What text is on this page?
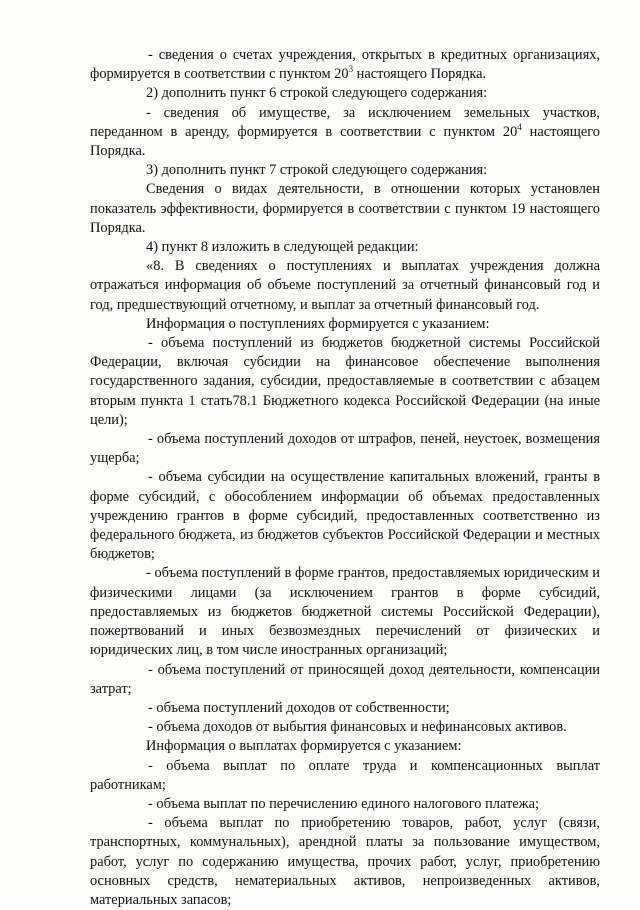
- сведения о счетах учреждения, открытых в кредитных организациях, формируется в соответствии с пунктом $20^3$ настоящего Порядка.

2) дополнить пункт 6 строкой следующего содержания:

- сведения об имуществе, за исключением земельных участков, переданном в аренду, формируется в соответствии с пунктом $20^4$ настоящего Порядка.

3) дополнить пункт 7 строкой следующего содержания:

Сведения о видах деятельности, в отношении которых установлен показатель эффективности, формируется в соответствии с пунктом 19 настоящего Порядка.

4) пункт 8 изложить в следующей редакции:

«8. В сведениях о поступлениях и выплатах учреждения должна отражаться информация об объеме поступлений за отчетный финансовый год и год, предшествующий отчетному, и выплат за отчетный финансовый год.

Информация о поступлениях формируется с указанием:

- объема поступлений из бюджетов бюджетной системы Российской Федерации, включая субсидии на финансовое обеспечение выполнения государственного задания, субсидии, предоставляемые в соответствии с абзацем вторым пункта 1 стать78.1 Бюджетного кодекса Российской Федерации (на иные цели);

- объема поступлений доходов от штрафов, пеней, неустоек, возмещения ущерба;

- объема субсидии на осуществление капитальных вложений, гранты в форме субсидий, с обособлением информации об объемах предоставленных учреждению грантов в форме субсидий, предоставленных соответственно из федерального бюджета, из бюджетов субъектов Российской Федерации и местных бюджетов;

- объема поступлений в форме грантов, предоставляемых юридическим и физическими лицами (за исключением грантов в форме субсидий, предоставляемых из бюджетов бюджетной системы Российской Федерации), пожертвований и иных безвозмездных перечислений от физических и юридических лиц, в том числе иностранных организаций;

- объема поступлений от приносящей доход деятельности, компенсации затрат;

- объема поступлений доходов от собственности;

- объема доходов от выбытия финансовых и нефинансовых активов.

Информация о выплатах формируется с указанием:

- объема выплат по оплате труда и компенсационных выплат работникам;

- объема выплат по перечислению единого налогового платежа;

- объема выплат по приобретению товаров, работ, услуг (связи, транспортных, коммунальных), арендной платы за пользование имуществом, работ, услуг по содержанию имущества, прочих работ, услуг, приобретению основных средств, нематериальных активов, непроизведенных активов, материальных запасов;
